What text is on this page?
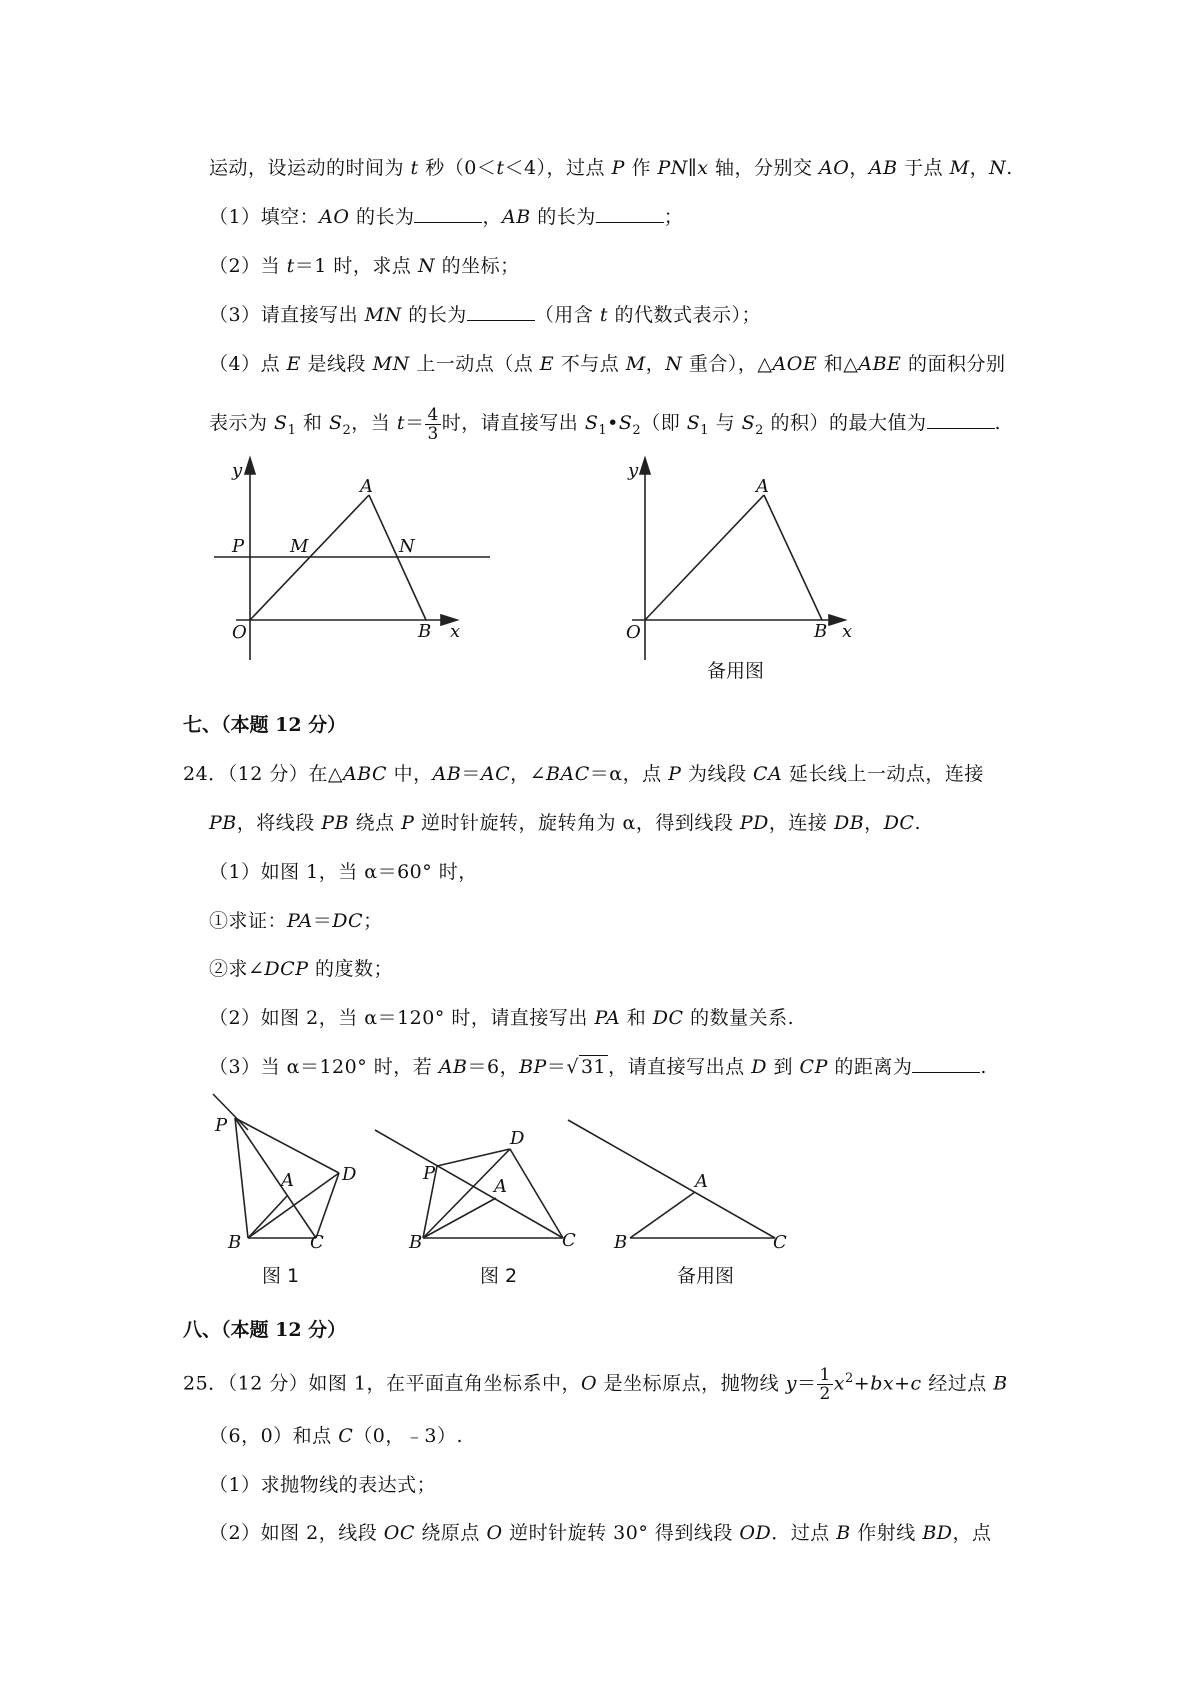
运动，设运动的时间为 t 秒（0＜t＜4），过点 P 作 PN∥x 轴，分别交 AO，AB 于点 M，N.
（1）填空：AO 的长为	，AB 的长为	；
（2）当 t＝1 时，求点 N 的坐标；
（3）请直接写出 MN 的长为	（用含 t 的代数式表示）；
（4）点 E 是线段 MN 上一动点（点 E 不与点 M，N 重合），△AOE 和△ABE 的面积分别
表示为 $S_1$ 和 $S_2$，当 $t= \frac{4}{3}$ 时，请直接写出 $S_1•S_2$（即 $S_1$ 与 $S_2$ 的积）的最大值为	.
y
P	M
A
N
O	B x
y
A
O	B x
备用图
七、（本题 12 分）
24．（12 分）在△ABC 中，AB＝AC，∠BAC＝α，点 P 为线段 CA 延长线上一动点，连接
PB，将线段 PB 绕点 P 逆时针旋转，旋转角为 α，得到线段 PD，连接 DB，DC.
（1）如图 1，当 α＝60° 时，
①求证：PA＝DC；
②求∠DCP 的度数；
（2）如图 2，当 α＝120° 时，请直接写出 PA 和 DC 的数量关系.
（3）当 α＝120° 时，若 AB＝6，BP＝√ 31 ，请直接写出点 D 到 CP 的距离为	.
P
A	D
B	C
图 1
D
P
A
B	C
图 2
A
B	C
备用图
八、（本题 12 分）
25．（12 分）如图 1，在平面直角坐标系中，O 是坐标原点，抛物线 $y= \frac{1}{2} x^2+bx+c$ 经过点 B
（6，0）和点 C（0，﹣3）.
（1）求抛物线的表达式；
（2）如图 2，线段 OC 绕原点 O 逆时针旋转 30° 得到线段 OD．过点 B 作射线 BD，点
